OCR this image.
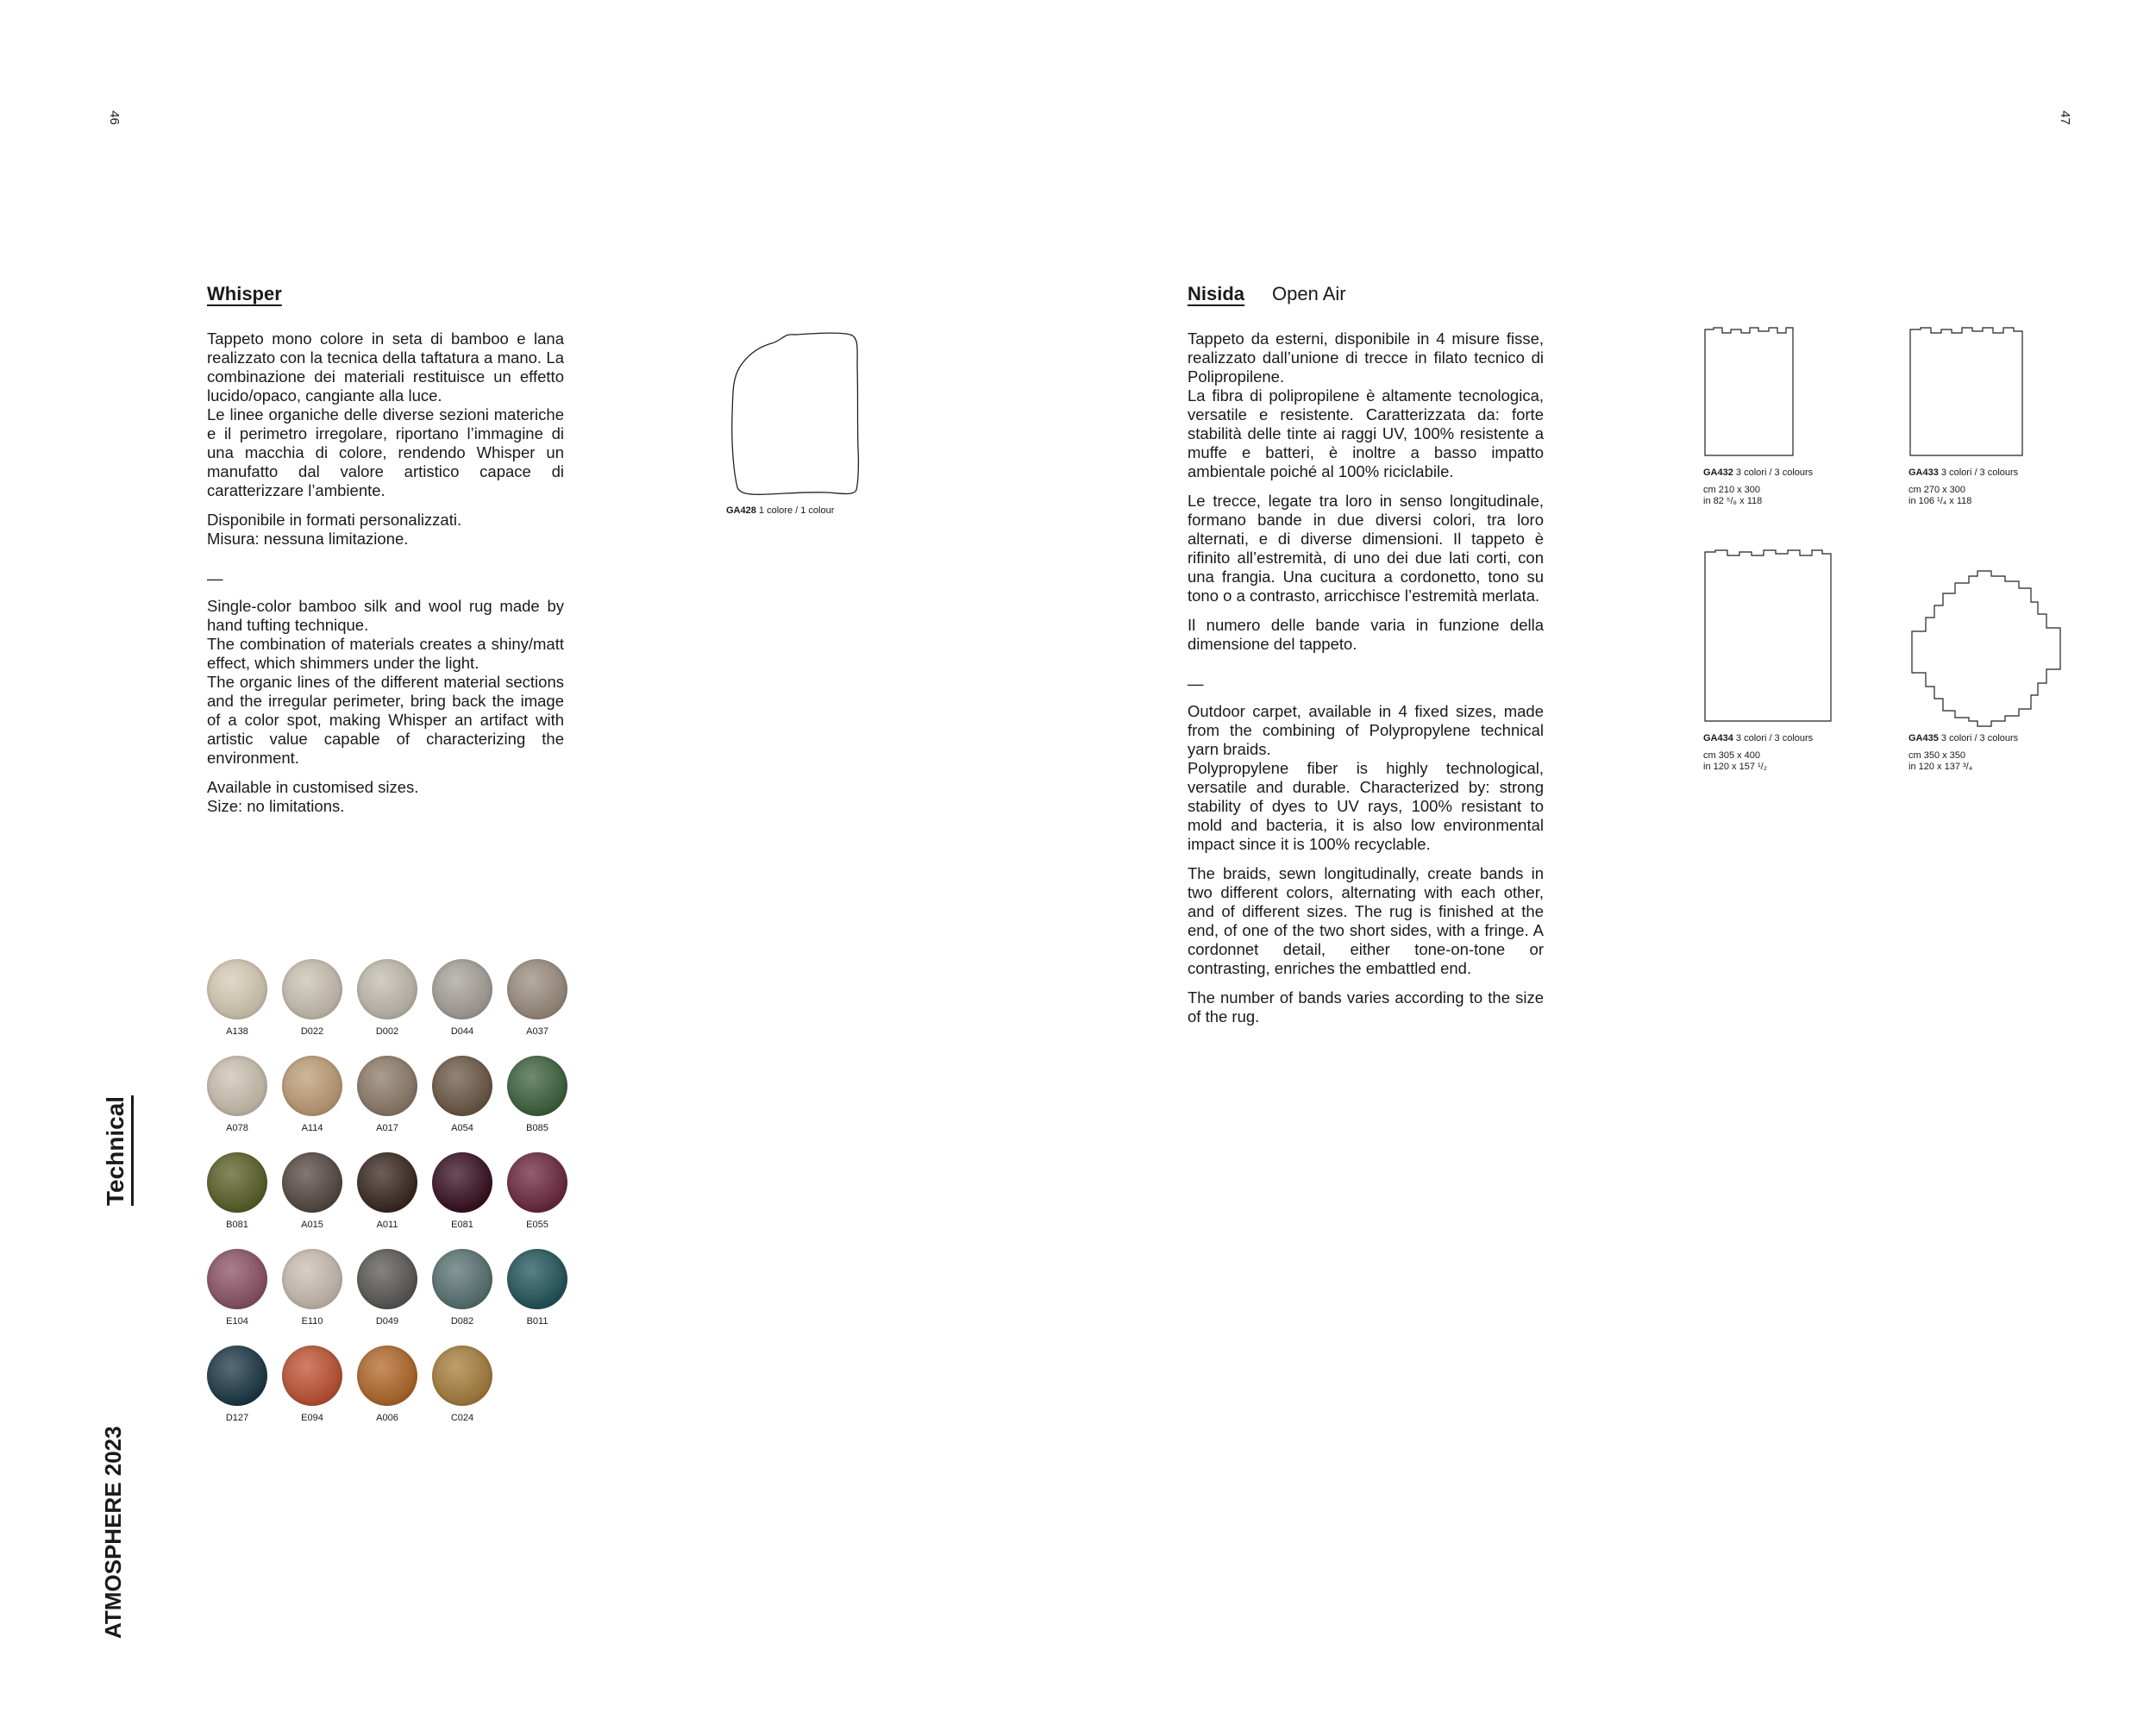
46	47
Technical
ATMOSPHERE 2023
Whisper

Tappeto mono colore in seta di bamboo e lana realizzato con la tecnica della taftatura a mano. La combinazione dei materiali restituisce un effetto lucido/opaco, cangiante alla luce.
Le linee organiche delle diverse sezioni materiche e il perimetro irregolare, riportano l’immagine di una macchia di colore, rendendo Whisper un manufatto dal valore artistico capace di caratterizzare l’ambiente.

Disponibile in formati personalizzati.
Misura: nessuna limitazione.

—

Single-color bamboo silk and wool rug made by hand tufting technique.
The combination of materials creates a shiny/matt effect, which shimmers under the light.
The organic lines of the different material sections and the irregular perimeter, bring back the image of a color spot, making Whisper an artifact with artistic value capable of characterizing the environment.

Available in customised sizes.
Size: no limitations.

GA428 1 colore / 1 colour
A138	D022	D002	D044	A037
A078	A114	A017	A054	B085
B081	A015	A011	E081	E055
E104	E110	D049	D082	B011
D127	E094	A006	C024
Nisida Open Air

Tappeto da esterni, disponibile in 4 misure fisse, realizzato dall’unione di trecce in filato tecnico di Polipropilene.
La fibra di polipropilene è altamente tecnologica, versatile e resistente. Caratterizzata da: forte stabilità delle tinte ai raggi UV, 100% resistente a muffe e batteri, è inoltre a basso impatto ambientale poiché al 100% riciclabile.

Le trecce, legate tra loro in senso longitudinale, formano bande in due diversi colori, tra loro alternati, e di diverse dimensioni. Il tappeto è rifinito all’estremità, di uno dei due lati corti, con una frangia. Una cucitura a cordonetto, tono su tono o a contrasto, arricchisce l’estremità merlata.

Il numero delle bande varia in funzione della dimensione del tappeto.

—

Outdoor carpet, available in 4 fixed sizes, made from the combining of Polypropylene technical yarn braids.
Polypropylene fiber is highly technological, versatile and durable. Characterized by: strong stability of dyes to UV rays, 100% resistant to mold and bacteria, it is also low environmental impact since it is 100% recyclable.

The braids, sewn longitudinally, create bands in two different colors, alternating with each other, and of different sizes. The rug is finished at the end, of one of the two short sides, with a fringe. A cordonnet detail, either tone-on-tone or contrasting, enriches the embattled end.

The number of bands varies according to the size of the rug.

GA432 3 colori / 3 colours
cm 210 x 300
in 82 ⁵/₈ x 118
GA433 3 colori / 3 colours
cm 270 x 300
in 106 ¹/₄ x 118
GA434 3 colori / 3 colours
cm 305 x 400
in 120 x 157 ¹/₂
GA435 3 colori / 3 colours
cm 350 x 350
in 120 x 137 ³/₄
